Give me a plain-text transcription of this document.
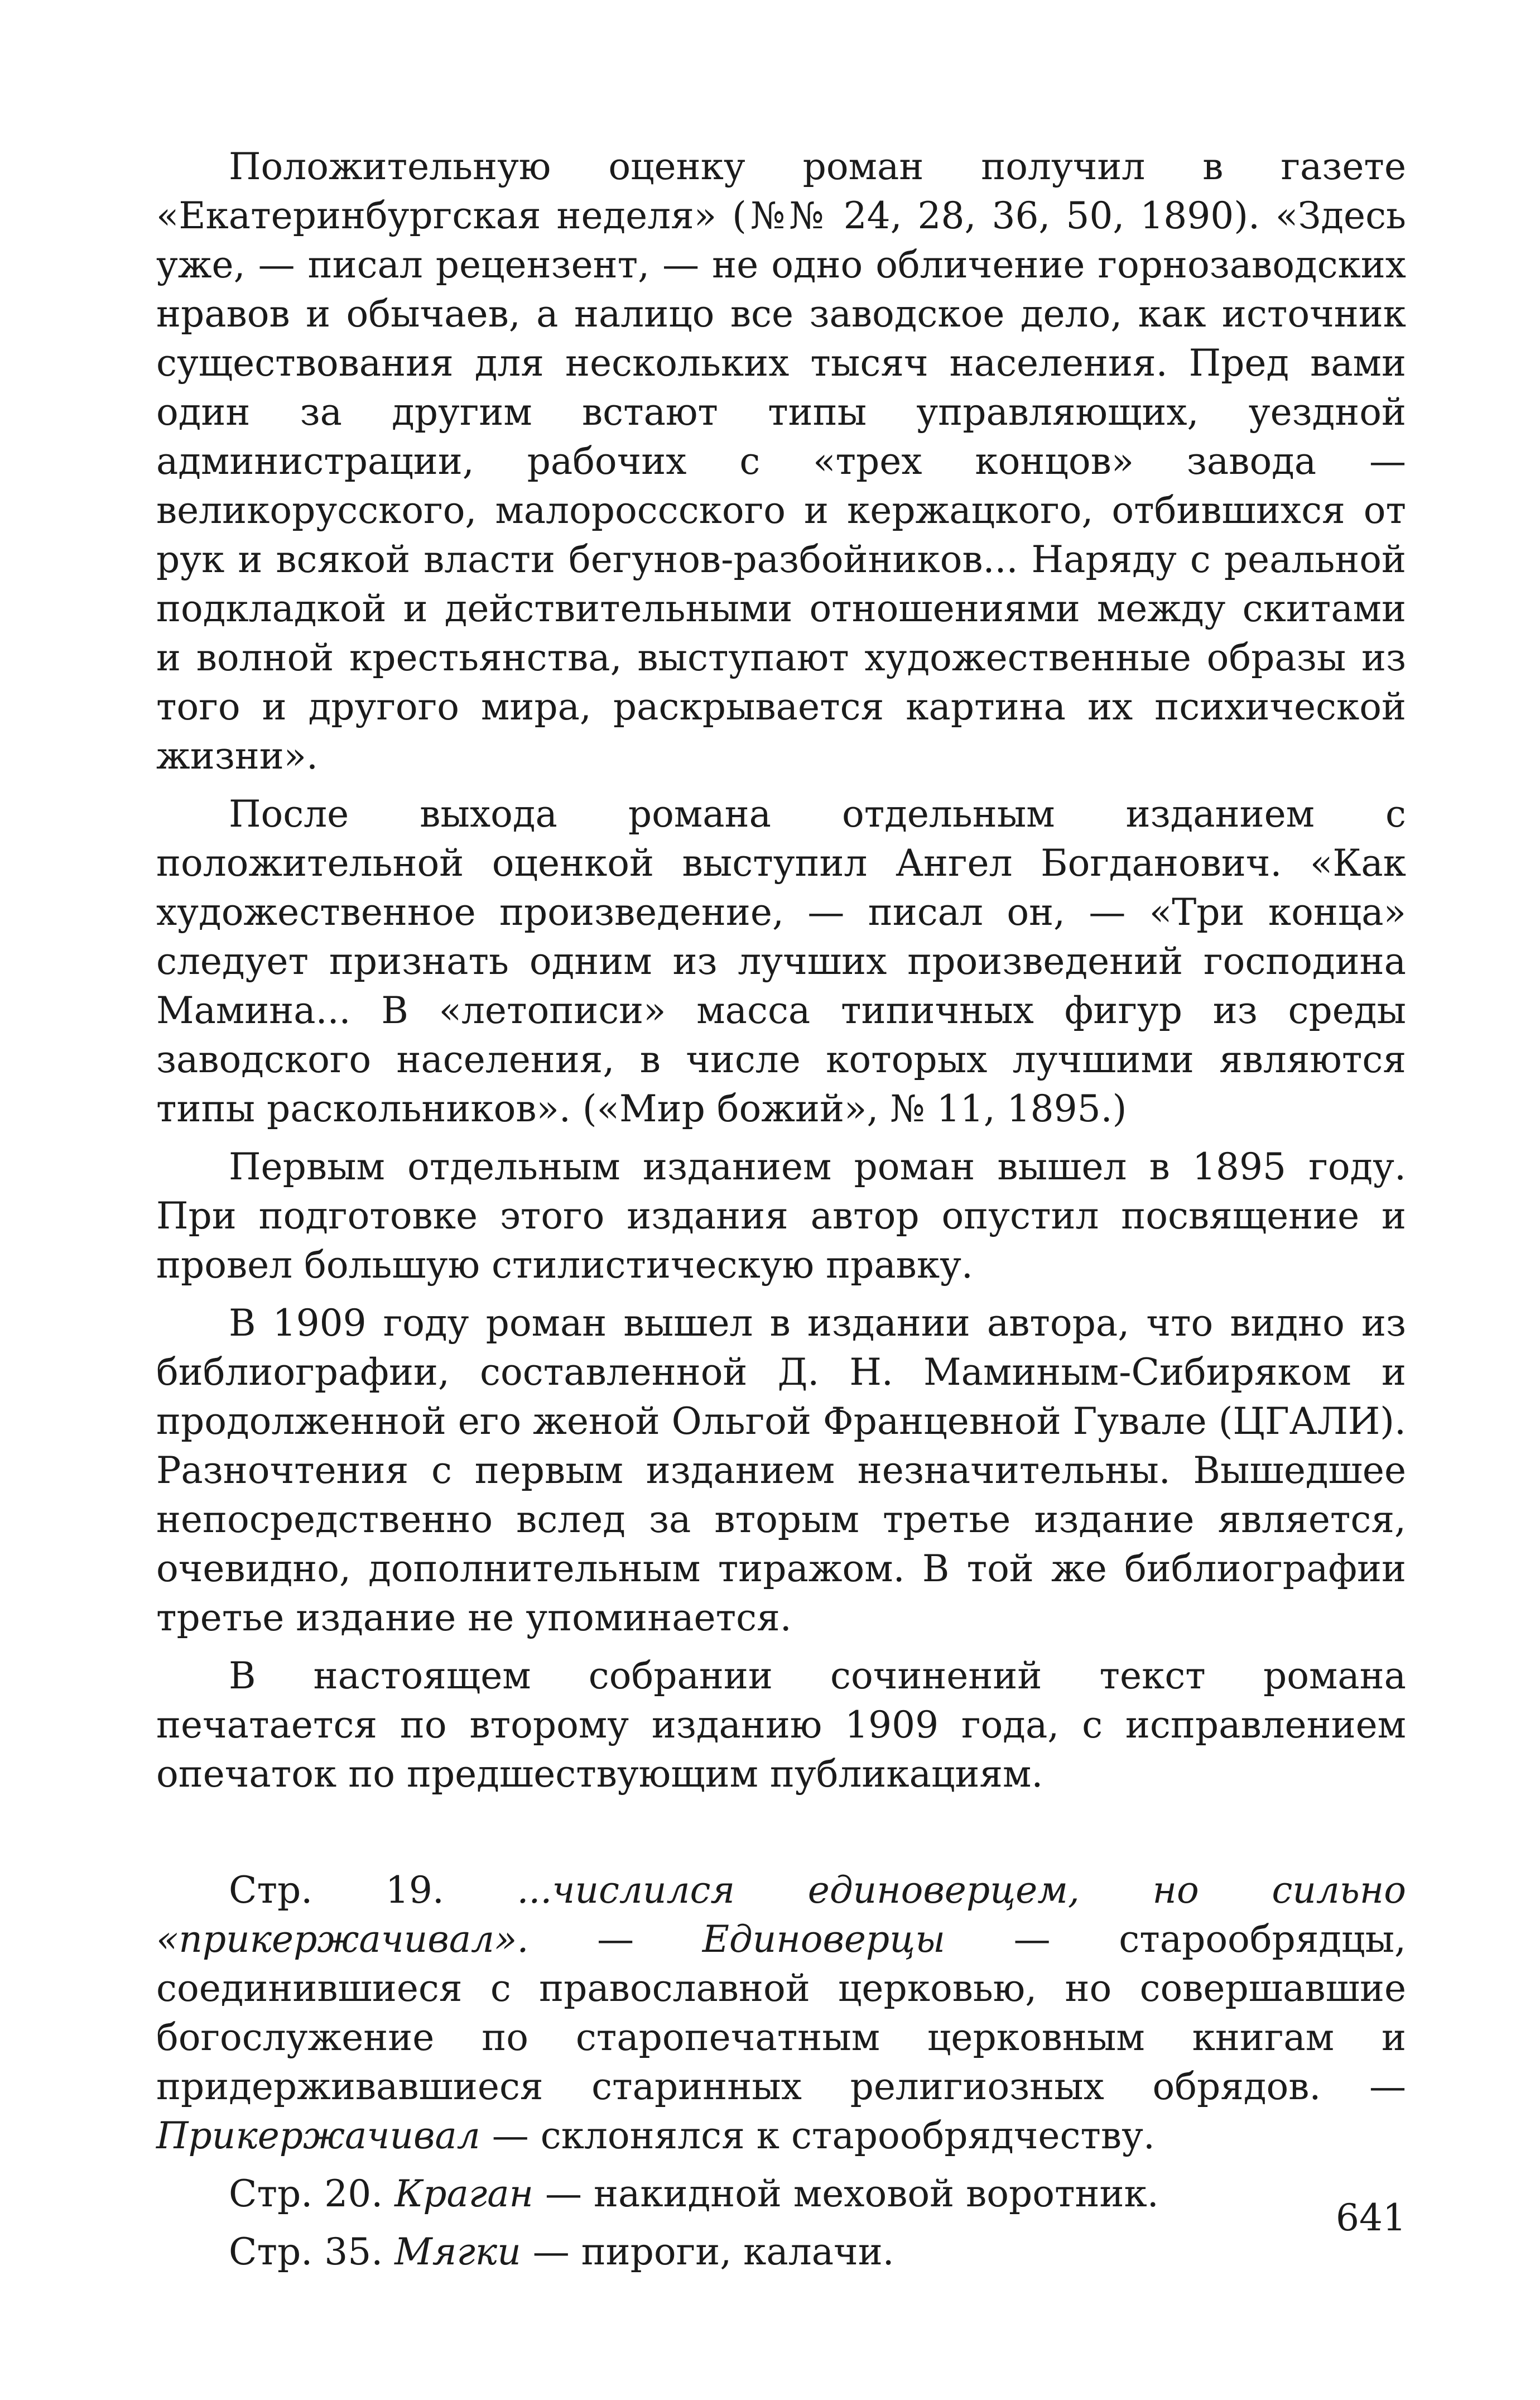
Положительную оценку роман получил в газете «Екатеринбургская неделя» (№№ 24, 28, 36, 50, 1890). «Здесь уже, — писал рецензент, — не одно обличение горнозаводских нравов и обычаев, а налицо все заводское дело, как источник существования для нескольких тысяч населения. Пред вами один за другим встают типы управляющих, уездной администрации, рабочих с «трех концов» завода — великорусского, малороссского и кержацкого, отбившихся от рук и всякой власти бегунов-разбойников... Наряду с реальной подкладкой и действительными отношениями между скитами и волной крестьянства, выступают художественные образы из того и другого мира, раскрывается картина их психической жизни».

После выхода романа отдельным изданием с положительной оценкой выступил Ангел Богданович. «Как художественное произведение, — писал он, — «Три конца» следует признать одним из лучших произведений господина Мамина... В «летописи» масса типичных фигур из среды заводского населения, в числе которых лучшими являются типы раскольников». («Мир божий», № 11, 1895.)

Первым отдельным изданием роман вышел в 1895 году. При подготовке этого издания автор опустил посвящение и провел большую стилистическую правку.

В 1909 году роман вышел в издании автора, что видно из библиографии, составленной Д. Н. Маминым-Сибиряком и продолженной его женой Ольгой Францевной Гувале (ЦГАЛИ). Разночтения с первым изданием незначительны. Вышедшее непосредственно вслед за вторым третье издание является, очевидно, дополнительным тиражом. В той же библиографии третье издание не упоминается.

В настоящем собрании сочинений текст романа печатается по второму изданию 1909 года, с исправлением опечаток по предшествующим публикациям.

Стр. 19. ...числился единоверцем, но сильно «прикержачивал». — Единоверцы — старообрядцы, соединившиеся с православной церковью, но совершавшие богослужение по старопечатным церковным книгам и придерживавшиеся старинных религиозных обрядов. — Прикержачивал — склонялся к старообрядчеству.

Стр. 20. Краган — накидной меховой воротник.

Стр. 35. Мягки — пироги, калачи.

641
